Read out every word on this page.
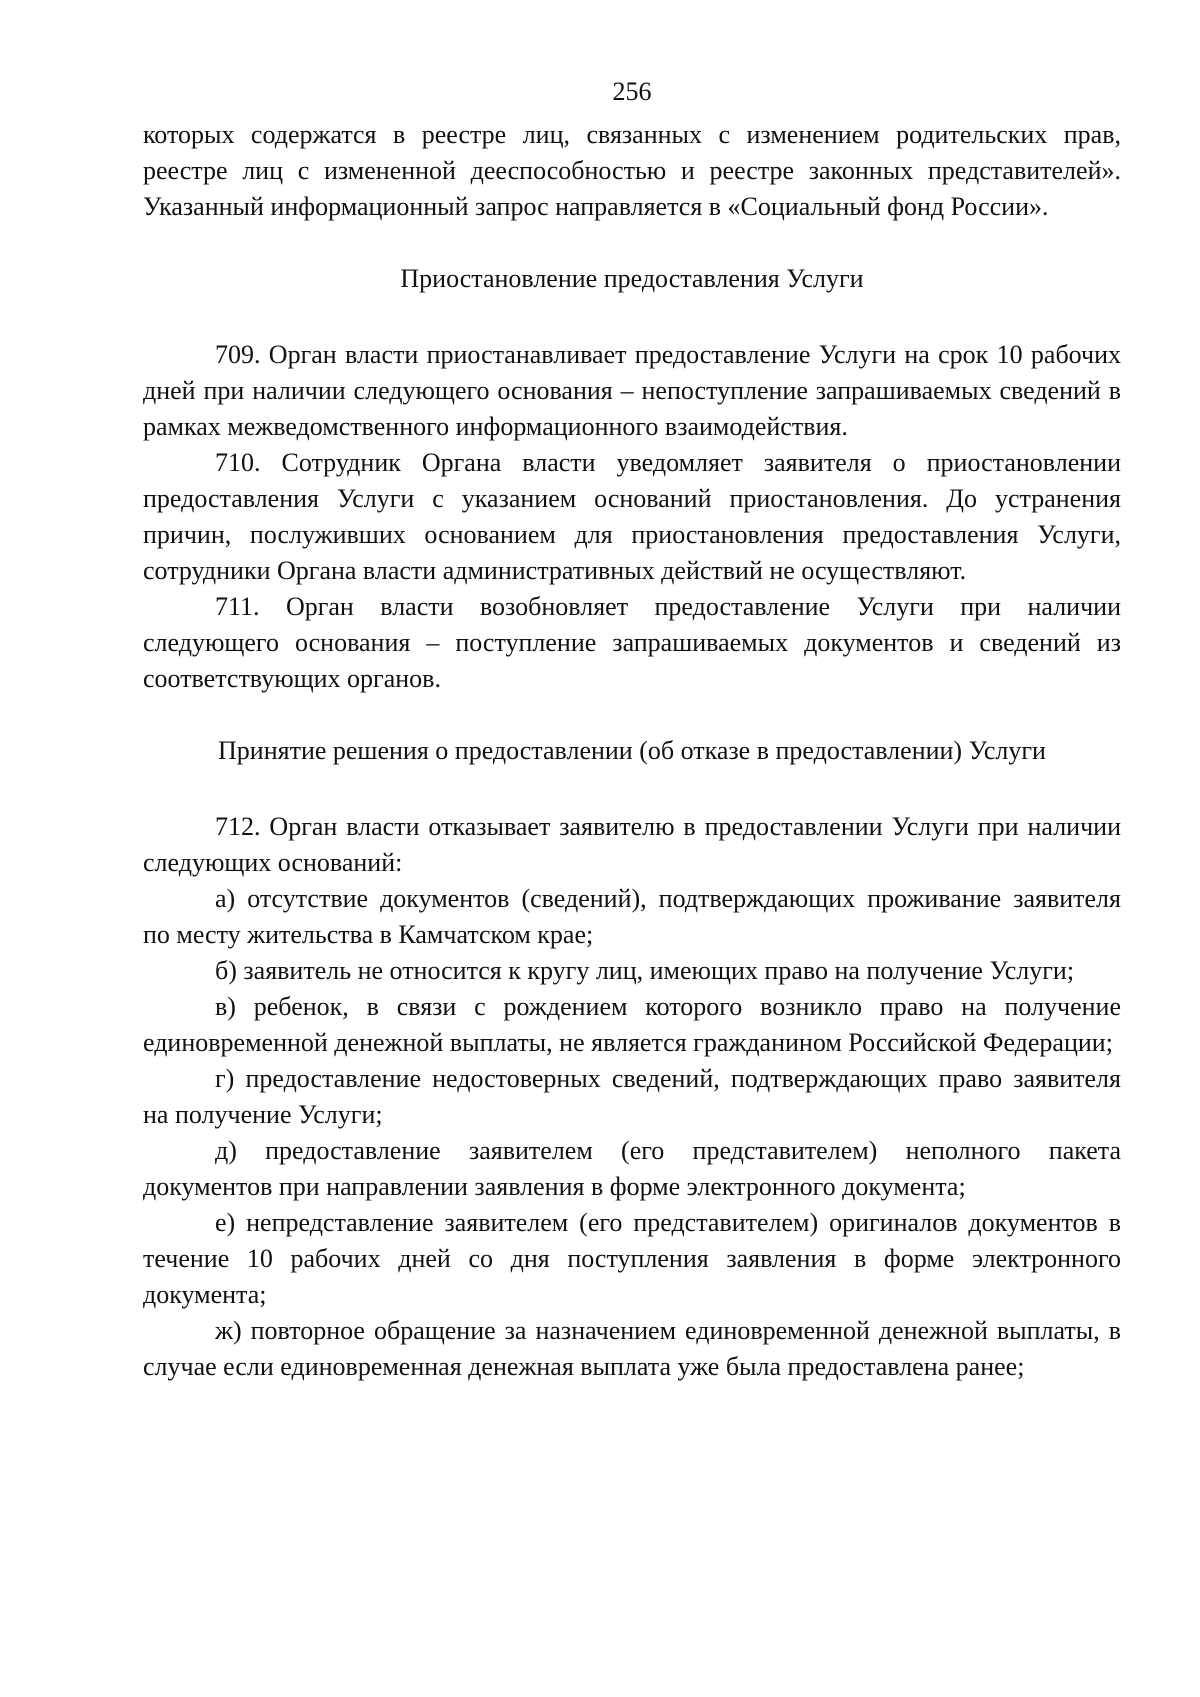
256

которых содержатся в реестре лиц, связанных с изменением родительских прав, реестре лиц с измененной дееспособностью и реестре законных представителей». Указанный информационный запрос направляется в «Социальный фонд России».

Приостановление предоставления Услуги

709. Орган власти приостанавливает предоставление Услуги на срок 10 рабочих дней при наличии следующего основания – непоступление запрашиваемых сведений в рамках межведомственного информационного взаимодействия.

710. Сотрудник Органа власти уведомляет заявителя о приостановлении предоставления Услуги с указанием оснований приостановления. До устранения причин, послуживших основанием для приостановления предоставления Услуги, сотрудники Органа власти административных действий не осуществляют.

711. Орган власти возобновляет предоставление Услуги при наличии следующего основания – поступление запрашиваемых документов и сведений из соответствующих органов.

Принятие решения о предоставлении (об отказе в предоставлении) Услуги

712. Орган власти отказывает заявителю в предоставлении Услуги при наличии следующих оснований:

а) отсутствие документов (сведений), подтверждающих проживание заявителя по месту жительства в Камчатском крае;

б) заявитель не относится к кругу лиц, имеющих право на получение Услуги;

в) ребенок, в связи с рождением которого возникло право на получение единовременной денежной выплаты, не является гражданином Российской Федерации;

г) предоставление недостоверных сведений, подтверждающих право заявителя на получение Услуги;

д) предоставление заявителем (его представителем) неполного пакета документов при направлении заявления в форме электронного документа;

е) непредставление заявителем (его представителем) оригиналов документов в течение 10 рабочих дней со дня поступления заявления в форме электронного документа;

ж) повторное обращение за назначением единовременной денежной выплаты, в случае если единовременная денежная выплата уже была предоставлена ранее;
